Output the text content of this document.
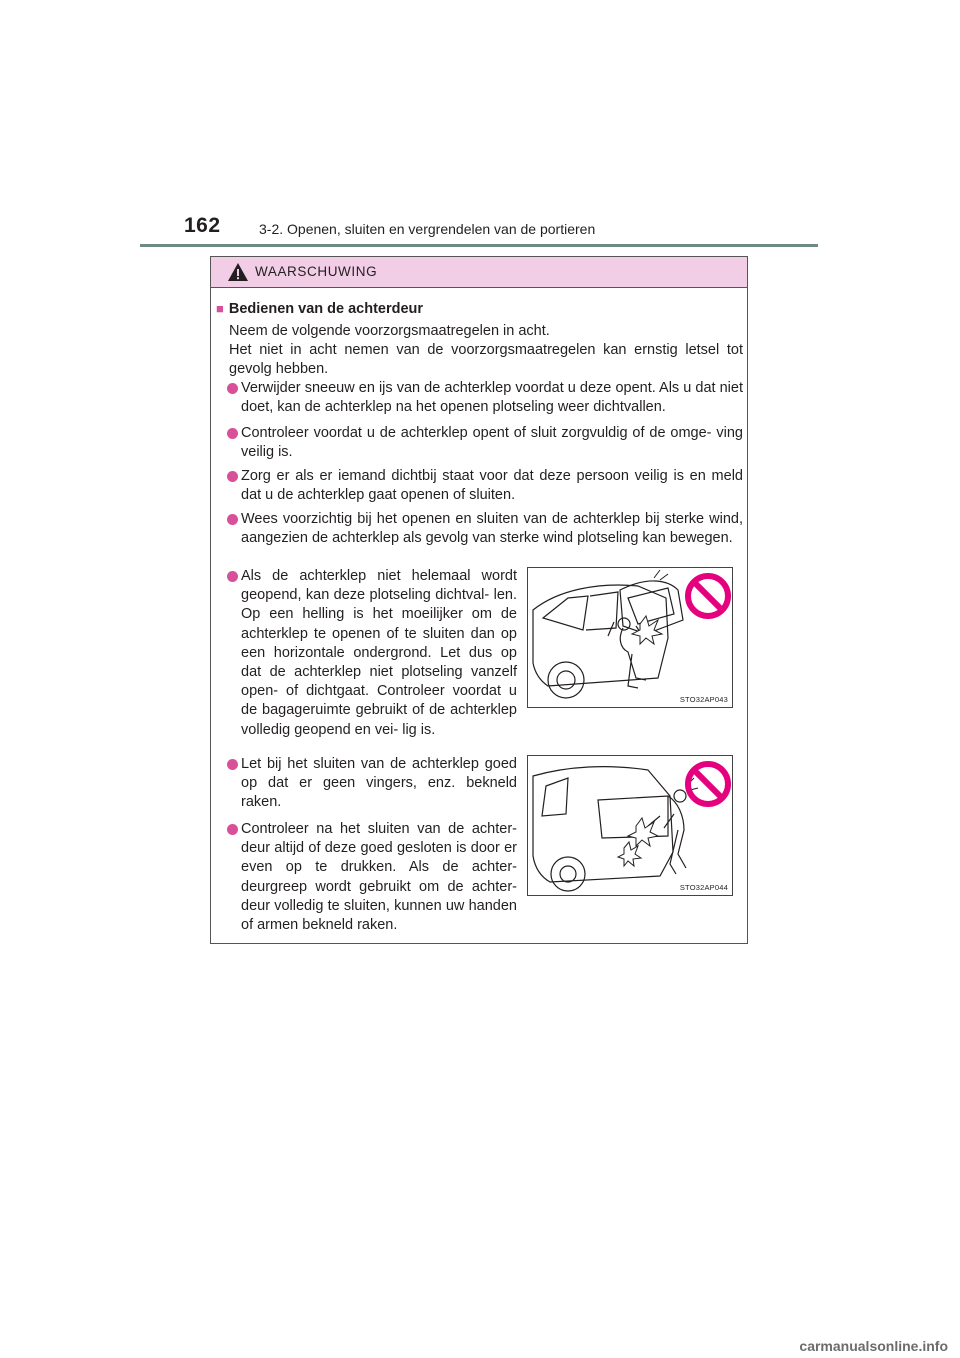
162	3-2. Openen, sluiten en vergrendelen van de portieren
WAARSCHUWING
■ Bedienen van de achterdeur
Neem de volgende voorzorgsmaatregelen in acht.
Het niet in acht nemen van de voorzorgsmaatregelen kan ernstig letsel tot gevolg hebben.
Verwijder sneeuw en ijs van de achterklep voordat u deze opent. Als u dat niet doet, kan de achterklep na het openen plotseling weer dichtvallen.
Controleer voordat u de achterklep opent of sluit zorgvuldig of de omge- ving veilig is.
Zorg er als er iemand dichtbij staat voor dat deze persoon veilig is en meld dat u de achterklep gaat openen of sluiten.
Wees voorzichtig bij het openen en sluiten van de achterklep bij sterke wind, aangezien de achterklep als gevolg van sterke wind plotseling kan bewegen.
Als de achterklep niet helemaal wordt geopend, kan deze plotseling dichtval- len. Op een helling is het moeilijker om de achterklep te openen of te sluiten dan op een horizontale ondergrond. Let dus op dat de achterklep niet plotseling vanzelf open- of dichtgaat. Controleer voordat u de bagageruimte gebruikt of de achterklep volledig geopend en vei- lig is.
Let bij het sluiten van de achterklep goed op dat er geen vingers, enz. bekneld raken.
Controleer na het sluiten van de achter- deur altijd of deze goed gesloten is door er even op te drukken. Als de achter- deurgreep wordt gebruikt om de achter- deur volledig te sluiten, kunnen uw handen of armen bekneld raken.
STO32AP043
STO32AP044
carmanualsonline.info
